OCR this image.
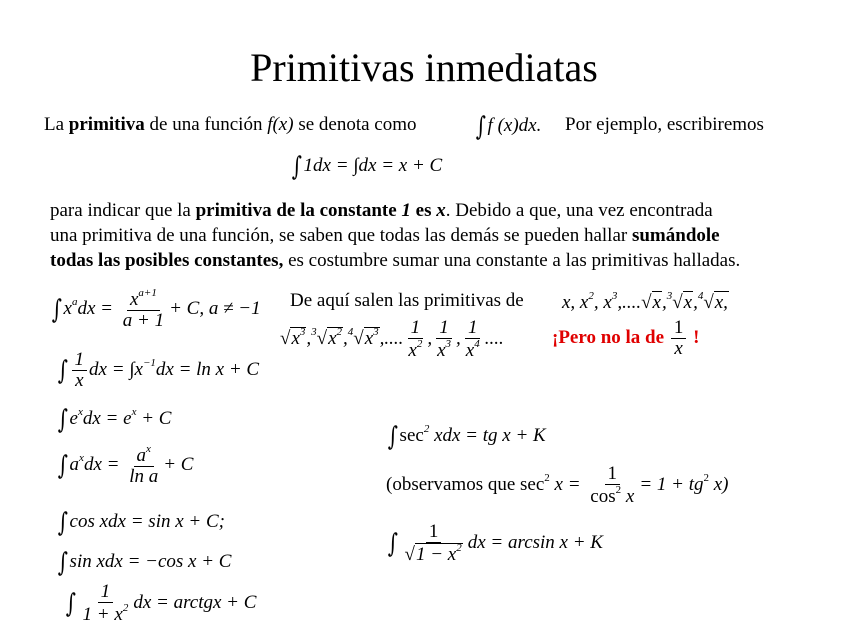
Primitivas inmediatas
La primitiva de una función f(x) se denota como ∫f (x)dx. Por ejemplo, escribiremos
∫1dx = ∫dx = x + C
para indicar que la primitiva de la constante 1 es x. Debido a que, una vez encontrada
una primitiva de una función, se saben que todas las demás se pueden hallar sumándole
todas las posibles constantes, es costumbre sumar una constante a las primitivas halladas.
$\int x^adx = \frac{x^{a+1}}{a + 1} + C$, a ≠ −1
∫ $\frac{1}{x}$ dx = $\int x^{-1}dx = \ln x + C$
$\int e^xdx = e^x + C$
$\int a^xdx = \frac{a^x}{\text{ln a}} + C$
∫cos xdx = sin x + C;
∫sin xdx = −cos x + C
∫ $\frac{1}{1 + x^2}$ dx = arctgx + C
De aquí salen las primitivas de x, $x^2$, $x^3,....√x,^3√x,^4√x$,
$√x^3,^3√x^2,^4√x^3$,.... $\frac{1}{x^2}$ , $\frac{1}{x^3}$ , $\frac{1}{x^4}$ ....	¡Pero no la de $\frac{1}{x}$ !
$\int\sec^2$ xdx = tg x + K
(observamos que $\sec^2 x = \frac{1}{\cos^2 x} = 1 + tg^2$ x)
∫ $\frac{1}{√1 - x^2}$ dx = arcsin x + K
